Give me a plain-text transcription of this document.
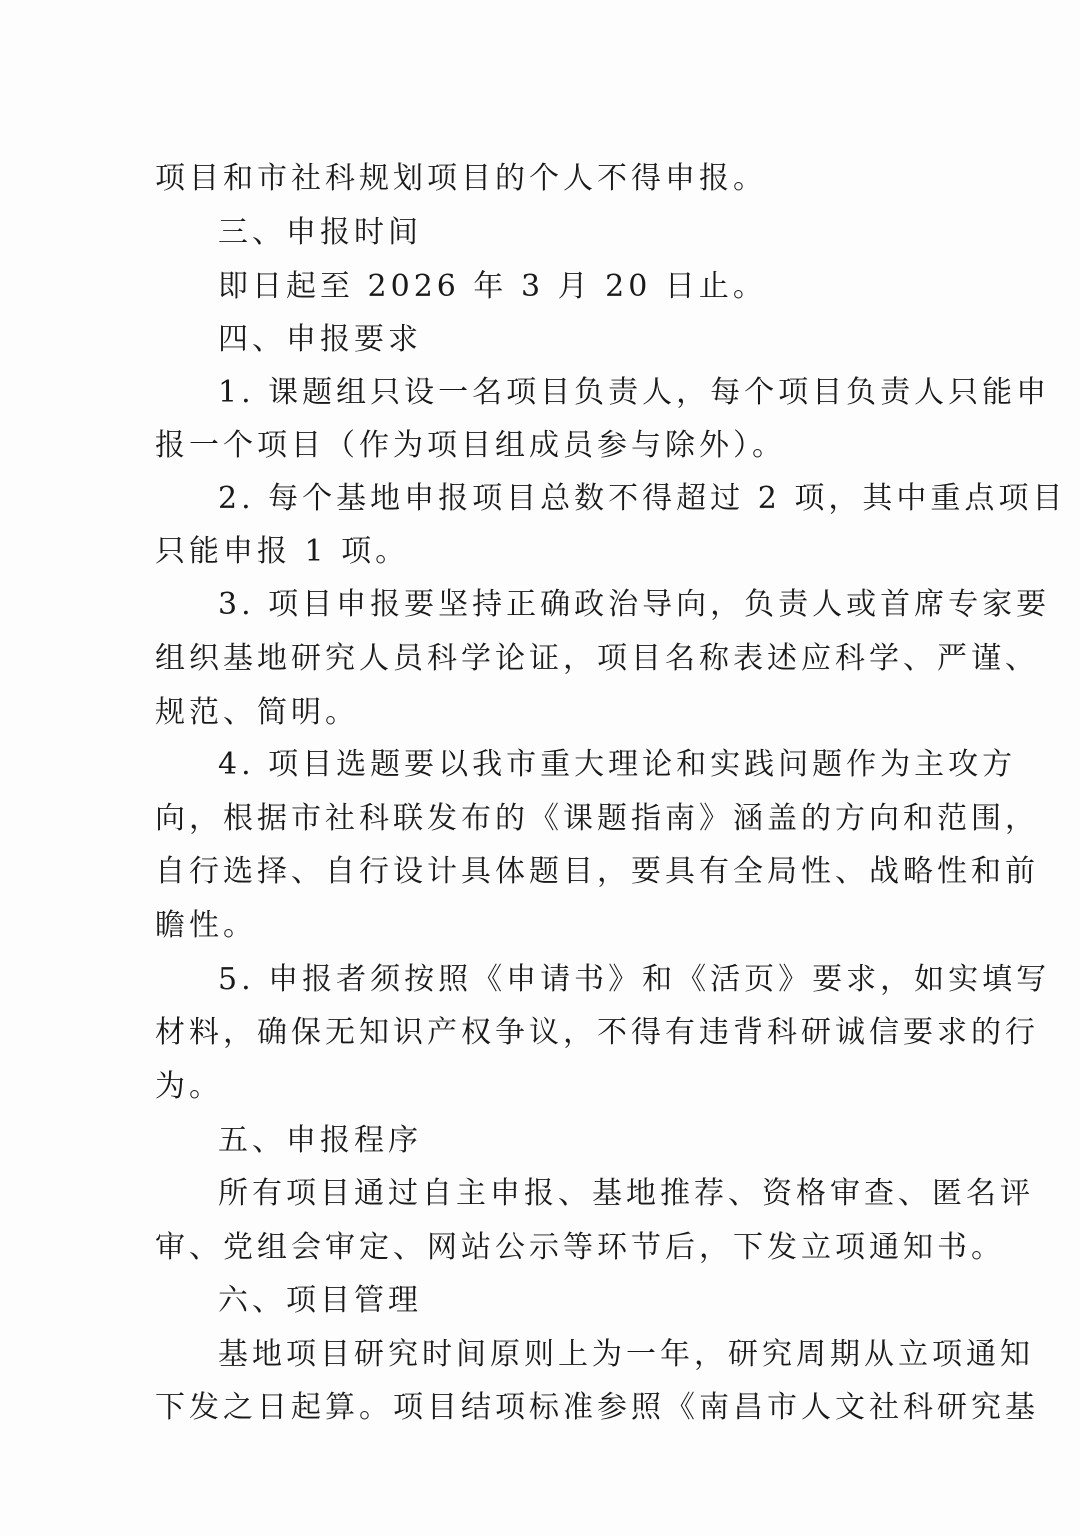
项目和市社科规划项目的个人不得申报。
三、申报时间
即日起至 2026 年 3 月 20 日止。
四、申报要求
1. 课题组只设一名项目负责人，每个项目负责人只能申
报一个项目（作为项目组成员参与除外）。
2. 每个基地申报项目总数不得超过 2 项，其中重点项目
只能申报 1 项。
3. 项目申报要坚持正确政治导向，负责人或首席专家要
组织基地研究人员科学论证，项目名称表述应科学、严谨、
规范、简明。
4. 项目选题要以我市重大理论和实践问题作为主攻方
向，根据市社科联发布的《课题指南》涵盖的方向和范围，
自行选择、自行设计具体题目，要具有全局性、战略性和前
瞻性。
5. 申报者须按照《申请书》和《活页》要求，如实填写
材料，确保无知识产权争议，不得有违背科研诚信要求的行
为。
五、申报程序
所有项目通过自主申报、基地推荐、资格审查、匿名评
审、党组会审定、网站公示等环节后，下发立项通知书。
六、项目管理
基地项目研究时间原则上为一年，研究周期从立项通知
下发之日起算。项目结项标准参照《南昌市人文社科研究基
